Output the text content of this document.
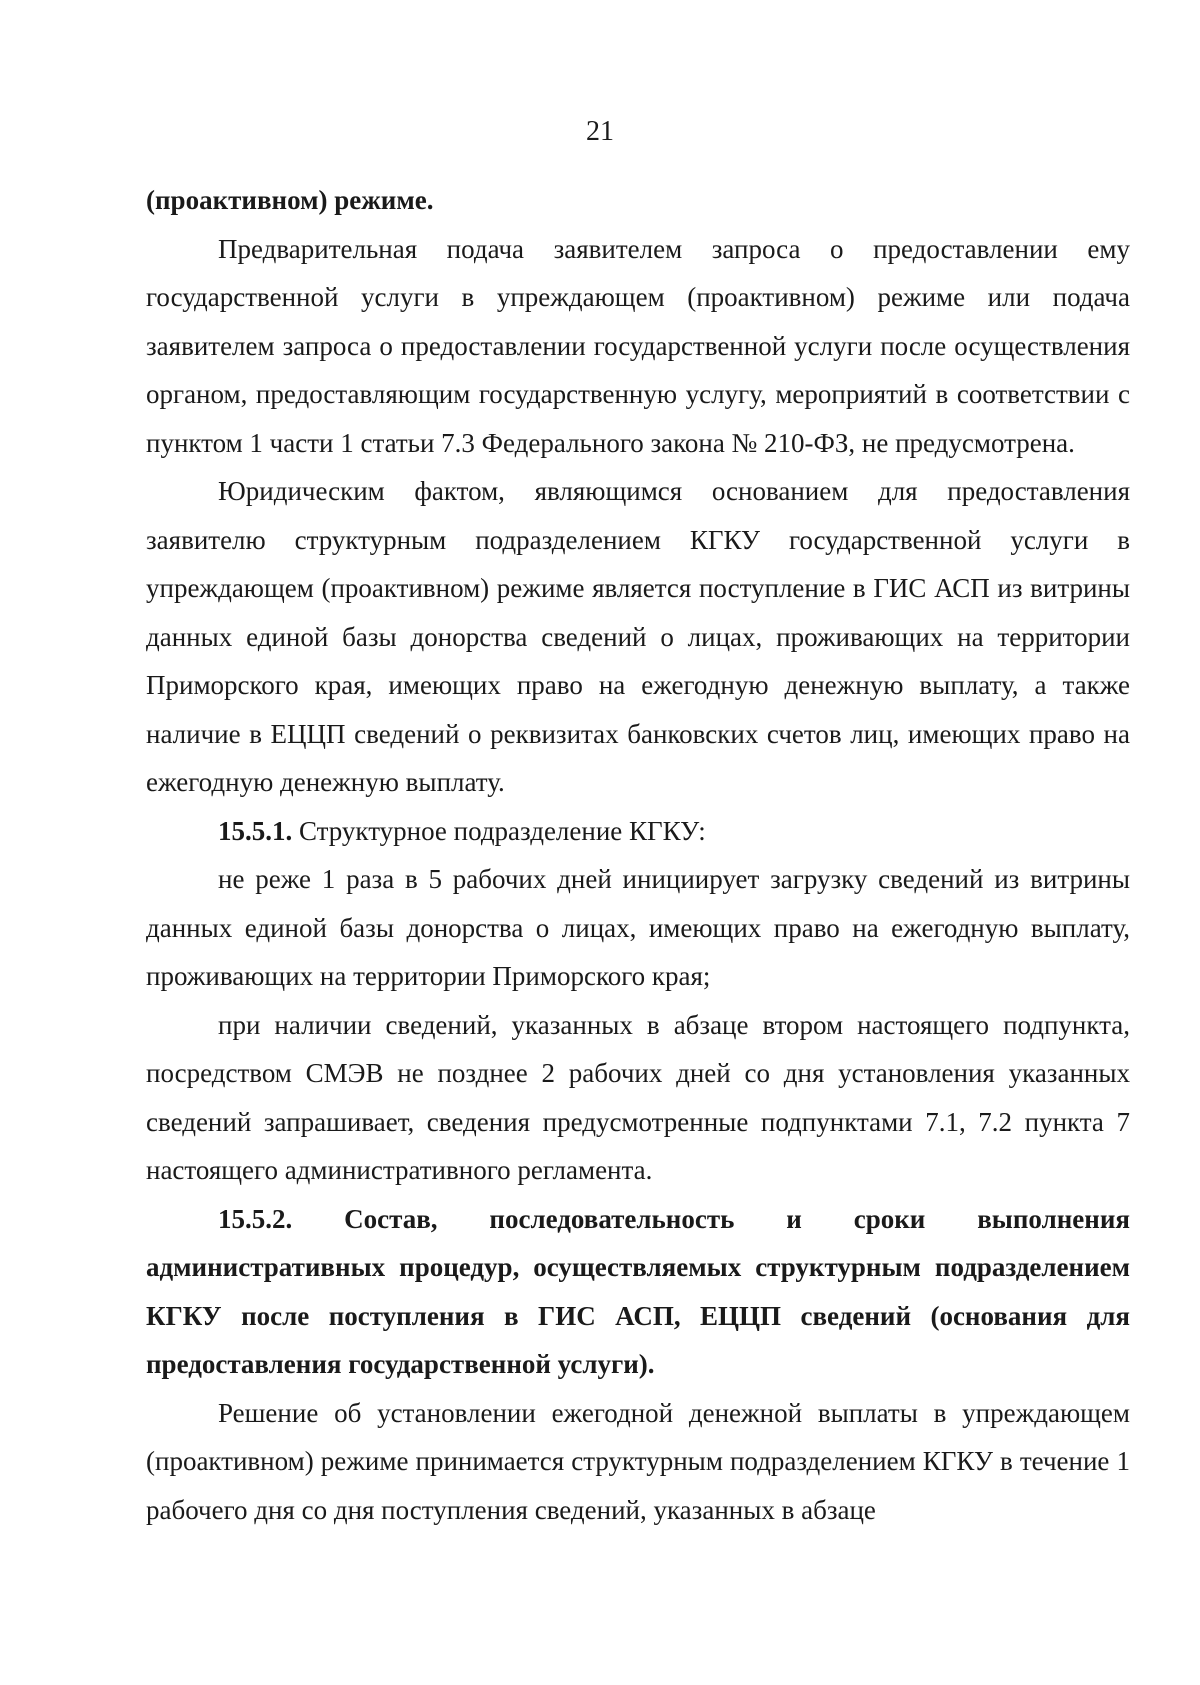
21

(проактивном) режиме.

Предварительная подача заявителем запроса о предоставлении ему государственной услуги в упреждающем (проактивном) режиме или подача заявителем запроса о предоставлении государственной услуги после осуществления органом, предоставляющим государственную услугу, мероприятий в соответствии с пунктом 1 части 1 статьи 7.3 Федерального закона № 210-ФЗ, не предусмотрена.

Юридическим фактом, являющимся основанием для предоставления заявителю структурным подразделением КГКУ государственной услуги в упреждающем (проактивном) режиме является поступление в ГИС АСП из витрины данных единой базы донорства сведений о лицах, проживающих на территории Приморского края, имеющих право на ежегодную денежную выплату, а также наличие в ЕЦЦП сведений о реквизитах банковских счетов лиц, имеющих право на ежегодную денежную выплату.

15.5.1. Структурное подразделение КГКУ:

не реже 1 раза в 5 рабочих дней инициирует загрузку сведений из витрины данных единой базы донорства о лицах, имеющих право на ежегодную выплату, проживающих на территории Приморского края;

при наличии сведений, указанных в абзаце втором настоящего подпункта, посредством СМЭВ не позднее 2 рабочих дней со дня установления указанных сведений запрашивает, сведения предусмотренные подпунктами 7.1, 7.2 пункта 7 настоящего административного регламента.

15.5.2. Состав, последовательность и сроки выполнения административных процедур, осуществляемых структурным подразделением КГКУ после поступления в ГИС АСП, ЕЦЦП сведений (основания для предоставления государственной услуги).

Решение об установлении ежегодной денежной выплаты в упреждающем (проактивном) режиме принимается структурным подразделением КГКУ в течение 1 рабочего дня со дня поступления сведений, указанных в абзаце
